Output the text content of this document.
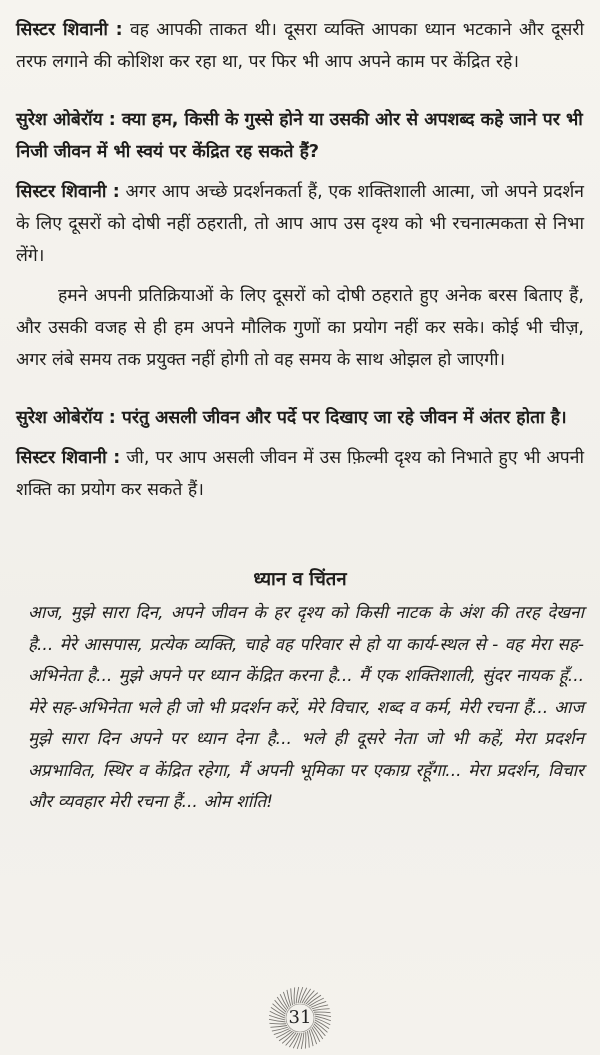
सिस्टर शिवानी : वह आपकी ताकत थी। दूसरा व्यक्ति आपका ध्यान भटकाने और दूसरी तरफ लगाने की कोशिश कर रहा था, पर फिर भी आप अपने काम पर केंद्रित रहे।

सुरेश ओबेरॉय : क्या हम, किसी के गुस्से होने या उसकी ओर से अपशब्द कहे जाने पर भी निजी जीवन में भी स्वयं पर केंद्रित रह सकते हैं?

सिस्टर शिवानी : अगर आप अच्छे प्रदर्शनकर्ता हैं, एक शक्तिशाली आत्मा, जो अपने प्रदर्शन के लिए दूसरों को दोषी नहीं ठहराती, तो आप आप उस दृश्य को भी रचनात्मकता से निभा लेंगे।

हमने अपनी प्रतिक्रियाओं के लिए दूसरों को दोषी ठहराते हुए अनेक बरस बिताए हैं, और उसकी वजह से ही हम अपने मौलिक गुणों का प्रयोग नहीं कर सके। कोई भी चीज़, अगर लंबे समय तक प्रयुक्त नहीं होगी तो वह समय के साथ ओझल हो जाएगी।

सुरेश ओबेरॉय : परंतु असली जीवन और पर्दे पर दिखाए जा रहे जीवन में अंतर होता है।

सिस्टर शिवानी : जी, पर आप असली जीवन में उस फ़िल्मी दृश्य को निभाते हुए भी अपनी शक्ति का प्रयोग कर सकते हैं।

ध्यान व चिंतन

आज, मुझे सारा दिन, अपने जीवन के हर दृश्य को किसी नाटक के अंश की तरह देखना है... मेरे आसपास, प्रत्येक व्यक्ति, चाहे वह परिवार से हो या कार्य-स्थल से - वह मेरा सह-अभिनेता है... मुझे अपने पर ध्यान केंद्रित करना है... मैं एक शक्तिशाली, सुंदर नायक हूँ... मेरे सह-अभिनेता भले ही जो भी प्रदर्शन करें, मेरे विचार, शब्द व कर्म, मेरी रचना हैं... आज मुझे सारा दिन अपने पर ध्यान देना है... भले ही दूसरे नेता जो भी कहें, मेरा प्रदर्शन अप्रभावित, स्थिर व केंद्रित रहेगा, मैं अपनी भूमिका पर एकाग्र रहूँगा... मेरा प्रदर्शन, विचार और व्यवहार मेरी रचना हैं... ओम शांति!

31
